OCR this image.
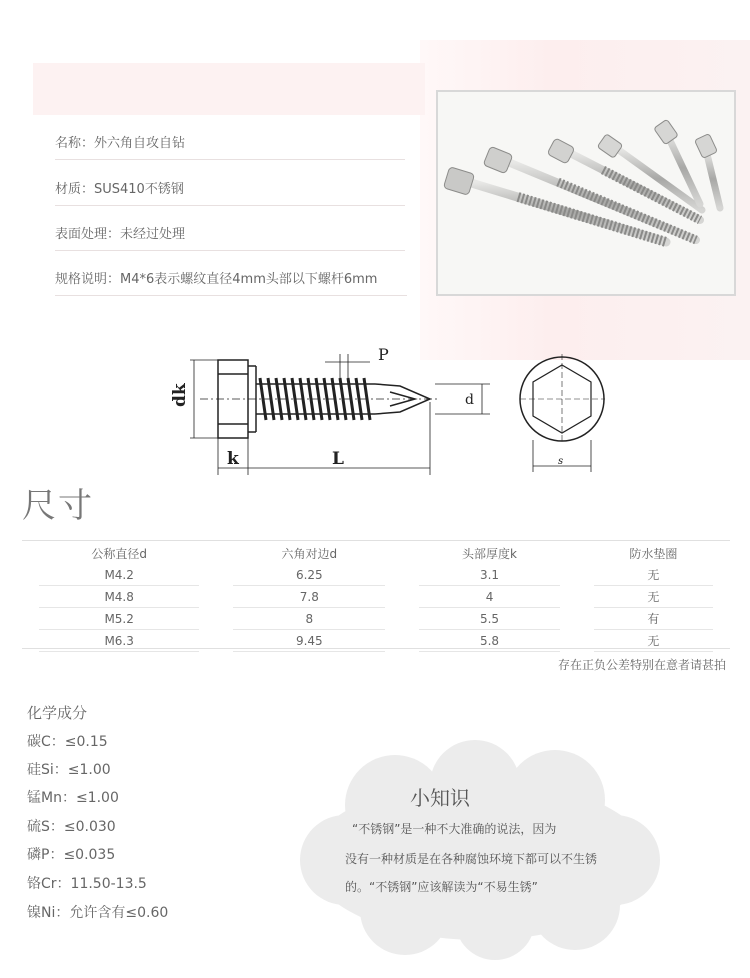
名称：外六角自攻自钻
材质：SUS410不锈钢
表面处理：未经过处理
规格说明：M4*6表示螺纹直径4mm头部以下螺杆6mm
dk
k	L
P
d
s
尺寸
公称直径d	六角对边d	头部厚度k	防水垫圈

M4.2	6.25	3.1	无

M4.8	7.8	4	无

M5.2	8	5.5	有

M6.3	9.45	5.8	无
存在正负公差特别在意者请甚拍
化学成分
碳C：≤0.15
硅Si：≤1.00
锰Mn：≤1.00
硫S：≤0.030
磷P：≤0.035
铬Cr：11.50-13.5
镍Ni：允许含有≤0.60
小知识
“不锈钢”是一种不大准确的说法，因为
没有一种材质是在各种腐蚀环境下都可以不生锈
的。“不锈钢”应该解读为“不易生锈”
